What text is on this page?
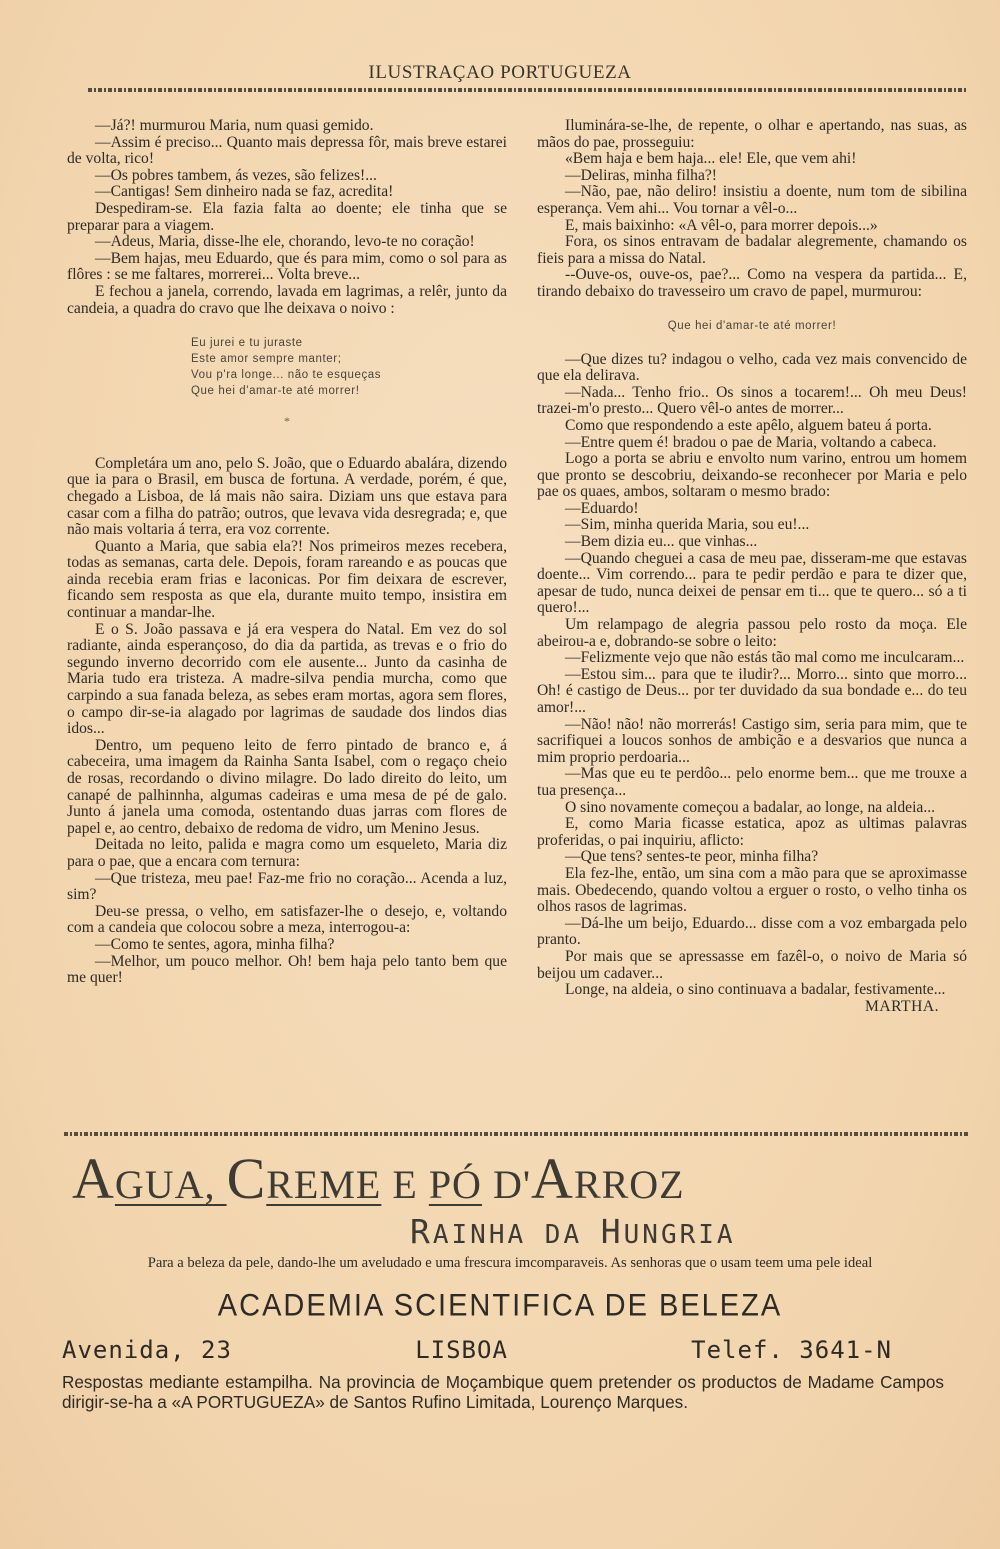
ILUSTRAÇAO PORTUGUEZA

—Já?! murmurou Maria, num quasi gemido.

—Assim é preciso... Quanto mais depressa fôr, mais breve estarei de volta, rico!

—Os pobres tambem, ás vezes, são felizes!...

—Cantigas! Sem dinheiro nada se faz, acredita!

Despediram-se. Ela fazia falta ao doente; ele tinha que se preparar para a viagem.

—Adeus, Maria, disse-lhe ele, chorando, levo-te no coração!

—Bem hajas, meu Eduardo, que és para mim, como o sol para as flôres : se me faltares, morrerei... Volta breve...

E fechou a janela, correndo, lavada em lagrimas, a relêr, junto da candeia, a quadra do cravo que lhe deixava o noivo :

Eu jurei e tu juraste
Este amor sempre manter;
Vou p'ra longe... não te esqueças
Que hei d'amar-te até morrer!
*

Completára um ano, pelo S. João, que o Eduardo abalára, dizendo que ia para o Brasil, em busca de fortuna. A verdade, porém, é que, chegado a Lisboa, de lá mais não saira. Diziam uns que estava para casar com a filha do patrão; outros, que levava vida desregrada; e, que não mais voltaria á terra, era voz corrente.

Quanto a Maria, que sabia ela?! Nos primeiros mezes recebera, todas as semanas, carta dele. Depois, foram rareando e as poucas que ainda recebia eram frias e laconicas. Por fim deixara de escrever, ficando sem resposta as que ela, durante muito tempo, insistira em continuar a mandar-lhe.

E o S. João passava e já era vespera do Natal. Em vez do sol radiante, ainda esperançoso, do dia da partida, as trevas e o frio do segundo inverno decorrido com ele ausente... Junto da casinha de Maria tudo era tristeza. A madre-silva pendia murcha, como que carpindo a sua fanada beleza, as sebes eram mortas, agora sem flores, o campo dir-se-ia alagado por lagrimas de saudade dos lindos dias idos...

Dentro, um pequeno leito de ferro pintado de branco e, á cabeceira, uma imagem da Rainha Santa Isabel, com o regaço cheio de rosas, recordando o divino milagre. Do lado direito do leito, um canapé de palhinnha, algumas cadeiras e uma mesa de pé de galo. Junto á janela uma comoda, ostentando duas jarras com flores de papel e, ao centro, debaixo de redoma de vidro, um Menino Jesus.

Deitada no leito, palida e magra como um esqueleto, Maria diz para o pae, que a encara com ternura:

—Que tristeza, meu pae! Faz-me frio no coração... Acenda a luz, sim?

Deu-se pressa, o velho, em satisfazer-lhe o desejo, e, voltando com a candeia que colocou sobre a meza, interrogou-a:

—Como te sentes, agora, minha filha?

—Melhor, um pouco melhor. Oh! bem haja pelo tanto bem que me quer!

Iluminára-se-lhe, de repente, o olhar e apertando, nas suas, as mãos do pae, prosseguiu:

«Bem haja e bem haja... ele! Ele, que vem ahi!

—Deliras, minha filha?!

—Não, pae, não deliro! insistiu a doente, num tom de sibilina esperança. Vem ahi... Vou tornar a vêl-o...

E, mais baixinho: «A vêl-o, para morrer depois...»

Fora, os sinos entravam de badalar alegremente, chamando os fieis para a missa do Natal.

--Ouve-os, ouve-os, pae?... Como na vespera da partida... E, tirando debaixo do travesseiro um cravo de papel, murmurou:

Que hei d'amar-te até morrer!

—Que dizes tu? indagou o velho, cada vez mais convencido de que ela delirava.

—Nada... Tenho frio.. Os sinos a tocarem!... Oh meu Deus! trazei-m'o presto... Quero vêl-o antes de morrer...

Como que respondendo a este apêlo, alguem bateu á porta.

—Entre quem é! bradou o pae de Maria, voltando a cabeca.

Logo a porta se abriu e envolto num varino, entrou um homem que pronto se descobriu, deixando-se reconhecer por Maria e pelo pae os quaes, ambos, soltaram o mesmo brado:

—Eduardo!

—Sim, minha querida Maria, sou eu!...

—Bem dizia eu... que vinhas...

—Quando cheguei a casa de meu pae, disseram-me que estavas doente... Vim correndo... para te pedir perdão e para te dizer que, apesar de tudo, nunca deixei de pensar em ti... que te quero... só a ti quero!...

Um relampago de alegria passou pelo rosto da moça. Ele abeirou-a e, dobrando-se sobre o leito:

—Felizmente vejo que não estás tão mal como me inculcaram...

—Estou sim... para que te iludir?... Morro... sinto que morro... Oh! é castigo de Deus... por ter duvidado da sua bondade e... do teu amor!...

—Não! não! não morrerás! Castigo sim, seria para mim, que te sacrifiquei a loucos sonhos de ambição e a desvarios que nunca a mim proprio perdoaria...

—Mas que eu te perdôo... pelo enorme bem... que me trouxe a tua presença...

O sino novamente começou a badalar, ao longe, na aldeia...

E, como Maria ficasse estatica, apoz as ultimas palavras proferidas, o pai inquiriu, aflicto:

—Que tens? sentes-te peor, minha filha?

Ela fez-lhe, então, um sina com a mão para que se aproximasse mais. Obedecendo, quando voltou a erguer o rosto, o velho tinha os olhos rasos de lagrimas.

—Dá-lhe um beijo, Eduardo... disse com a voz embargada pelo pranto.

Por mais que se apressasse em fazêl-o, o noivo de Maria só beijou um cadaver...

Longe, na aldeia, o sino continuava a badalar, festivamente...

MARTHA.

AGUA, CREME E PÓ D'ARROZ
RAINHA DA HUNGRIA
Para a beleza da pele, dando-lhe um aveludado e uma frescura imcomparaveis. As senhoras que o usam teem uma pele ideal
ACADEMIA SCIENTIFICA DE BELEZA
Avenida, 23	LISBOA	Telef. 3641-N
Respostas mediante estampilha. Na provincia de Moçambique quem pretender os productos de Madame Campos dirigir-se-ha a «A PORTUGUEZA» de Santos Rufino Limitada, Lourenço Marques.
